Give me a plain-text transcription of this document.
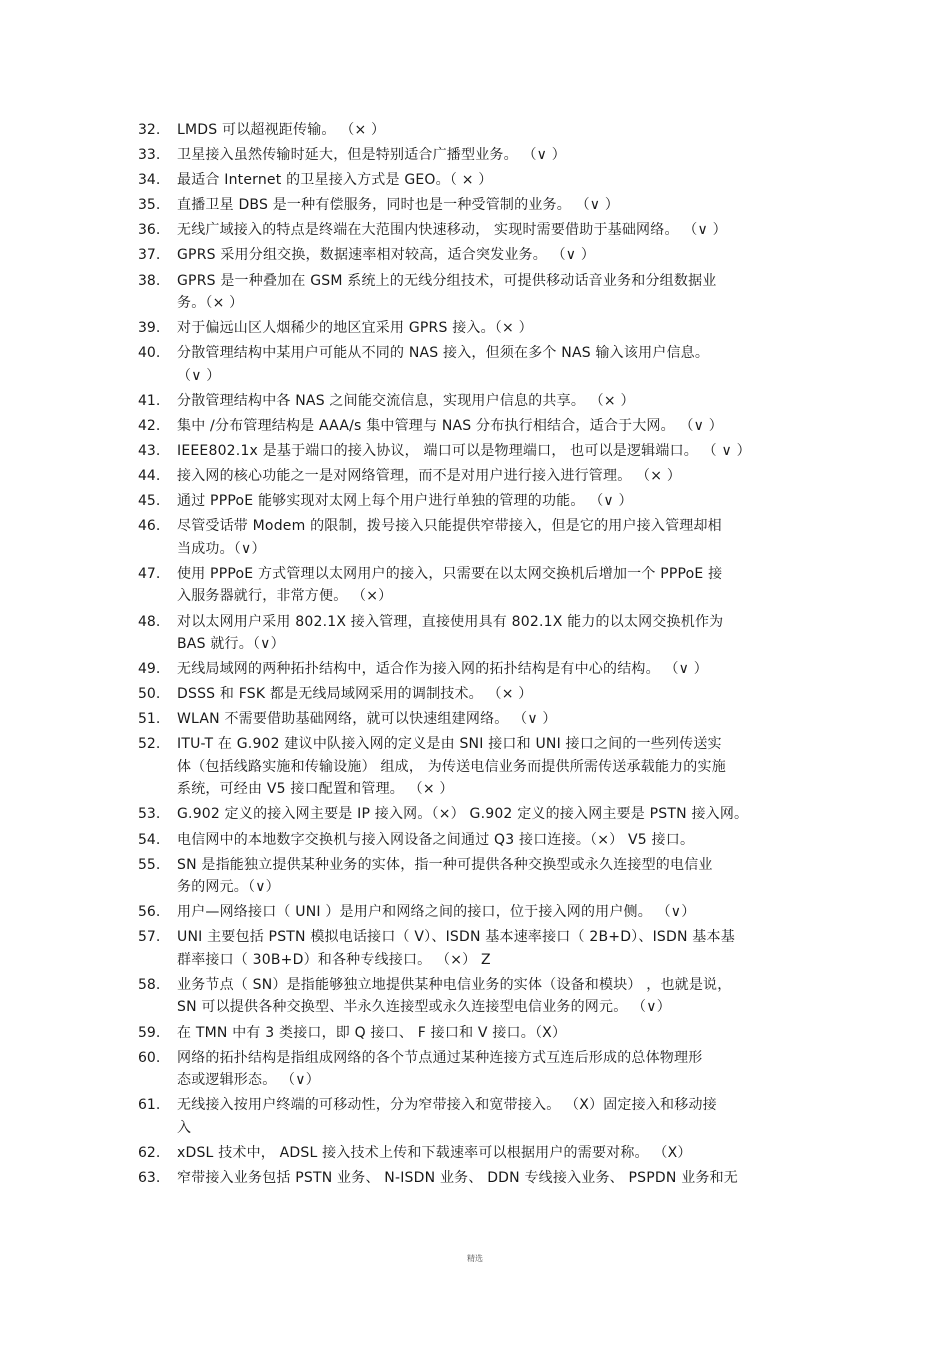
32.	LMDS 可以超视距传输。 （× ）
33.	卫星接入虽然传输时延大，但是特别适合广播型业务。 （∨ ）
34.	最适合 Internet 的卫星接入方式是 GEO。（ × ）
35.	直播卫星 DBS 是一种有偿服务，同时也是一种受管制的业务。 （∨ ）
36.	无线广域接入的特点是终端在大范围内快速移动， 实现时需要借助于基础网络。 （∨ ）
37.	GPRS 采用分组交换，数据速率相对较高，适合突发业务。 （∨ ）
38.	GPRS 是一种叠加在 GSM 系统上的无线分组技术，可提供移动话音业务和分组数据业
务。（× ）
39.	对于偏远山区人烟稀少的地区宜采用 GPRS 接入。（× ）
40.	分散管理结构中某用户可能从不同的 NAS 接入，但须在多个 NAS 输入该用户信息。
（∨ ）
41.	分散管理结构中各 NAS 之间能交流信息，实现用户信息的共享。 （× ）
42.	集中 /分布管理结构是 AAA/s 集中管理与 NAS 分布执行相结合，适合于大网。 （∨ ）
43.	IEEE802.1x 是基于端口的接入协议， 端口可以是物理端口， 也可以是逻辑端口。 （ ∨ ）
44.	接入网的核心功能之一是对网络管理，而不是对用户进行接入进行管理。 （× ）
45.	通过 PPPoE 能够实现对太网上每个用户进行单独的管理的功能。 （∨ ）
46.	尽管受话带 Modem 的限制，拨号接入只能提供窄带接入，但是它的用户接入管理却相
当成功。（∨）
47.	使用 PPPoE 方式管理以太网用户的接入，只需要在以太网交换机后增加一个 PPPoE 接
入服务器就行，非常方便。 （×）
48.	对以太网用户采用 802.1X 接入管理，直接使用具有 802.1X 能力的以太网交换机作为
BAS 就行。（∨）
49.	无线局域网的两种拓扑结构中，适合作为接入网的拓扑结构是有中心的结构。 （∨ ）
50.	DSSS 和 FSK 都是无线局域网采用的调制技术。 （× ）
51.	WLAN 不需要借助基础网络，就可以快速组建网络。 （∨ ）
52.	ITU-T 在 G.902 建议中队接入网的定义是由 SNI 接口和 UNI 接口之间的一些列传送实
体（包括线路实施和传输设施） 组成， 为传送电信业务而提供所需传送承载能力的实施
系统，可经由 V5 接口配置和管理。 （× ）
53.	G.902 定义的接入网主要是 IP 接入网。（×） G.902 定义的接入网主要是 PSTN 接入网。
54.	电信网中的本地数字交换机与接入网设备之间通过 Q3 接口连接。（×） V5 接口。
55.	SN 是指能独立提供某种业务的实体，指一种可提供各种交换型或永久连接型的电信业
务的网元。（∨）
56.	用户—网络接口（ UNI ）是用户和网络之间的接口，位于接入网的用户侧。 （∨）
57.	UNI 主要包括 PSTN 模拟电话接口（ V）、ISDN 基本速率接口（ 2B+D）、ISDN 基本基
群率接口（ 30B+D）和各种专线接口。 （×） Z
58.	业务节点（ SN）是指能够独立地提供某种电信业务的实体（设备和模块） ，也就是说，
SN 可以提供各种交换型、半永久连接型或永久连接型电信业务的网元。 （∨）
59.	在 TMN 中有 3 类接口，即 Q 接口、 F 接口和 V 接口。（X）
60.	网络的拓扑结构是指组成网络的各个节点通过某种连接方式互连后形成的总体物理形
态或逻辑形态。 （∨）
61.	无线接入按用户终端的可移动性，分为窄带接入和宽带接入。 （X）固定接入和移动接
入
62.	xDSL 技术中， ADSL 接入技术上传和下载速率可以根据用户的需要对称。 （X）
63.	窄带接入业务包括 PSTN 业务、 N-ISDN 业务、 DDN 专线接入业务、 PSPDN 业务和无
精选
